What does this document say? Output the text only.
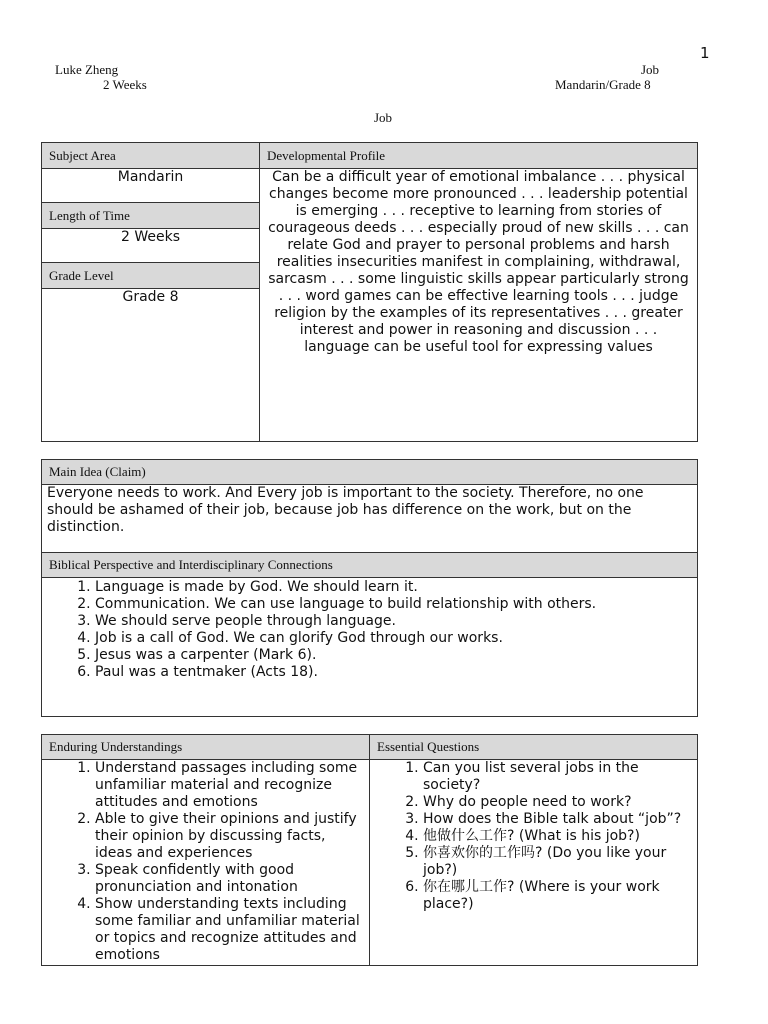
1
Luke Zheng
2 Weeks
Job
Mandarin/Grade 8
Job
Subject Area
Mandarin
Length of Time
2 Weeks
Grade Level
Grade 8
Developmental Profile
Can be a difficult year of emotional imbalance . . . physical changes become more pronounced . . . leadership potential is emerging . . . receptive to learning from stories of courageous deeds . . . especially proud of new skills . . . can relate God and prayer to personal problems and harsh realities insecurities manifest in complaining, withdrawal, sarcasm . . . some linguistic skills appear particularly strong . . . word games can be effective learning tools . . . judge religion by the examples of its representatives . . . greater interest and power in reasoning and discussion . . . language can be useful tool for expressing values
Main Idea (Claim)
Everyone needs to work. And Every job is important to the society. Therefore, no one should be ashamed of their job, because job has difference on the work, but on the distinction.
Biblical Perspective and Interdisciplinary Connections
1. Language is made by God. We should learn it.
2. Communication. We can use language to build relationship with others.
3. We should serve people through language.
4. Job is a call of God. We can glorify God through our works.
5. Jesus was a carpenter (Mark 6).
6. Paul was a tentmaker (Acts 18).
Enduring Understandings	Essential Questions
1. Understand passages including some unfamiliar material and recognize attitudes and emotions
2. Able to give their opinions and justify their opinion by discussing facts, ideas and experiences
3. Speak confidently with good pronunciation and intonation
4. Show understanding texts including some familiar and unfamiliar material or topics and recognize attitudes and emotions
1. Can you list several jobs in the society?
2. Why do people need to work?
3. How does the Bible talk about “job”?
4. 他做什么工作? (What is his job?)
5. 你喜欢你的工作吗? (Do you like your job?)
6. 你在哪儿工作? (Where is your work place?)
